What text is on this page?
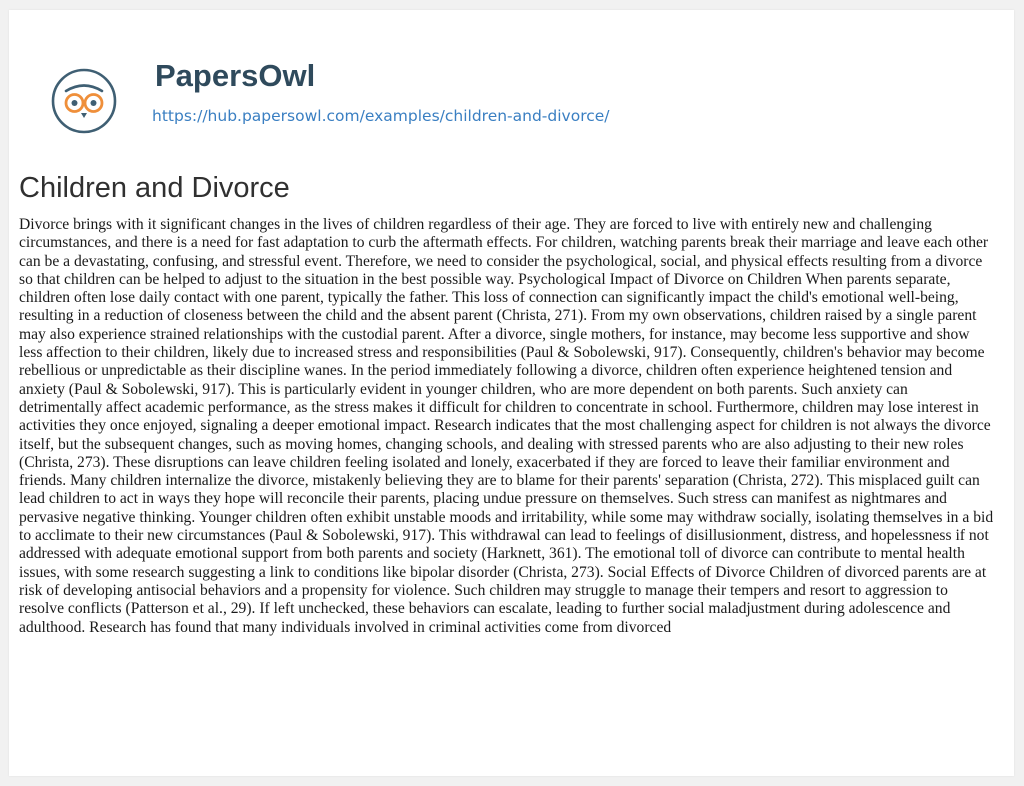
PapersOwl
https://hub.papersowl.com/examples/children-and-divorce/
Children and Divorce

Divorce brings with it significant changes in the lives of children regardless of their age. They are forced to live with entirely new and challenging circumstances, and there is a need for fast adaptation to curb the aftermath effects. For children, watching parents break their marriage and leave each other can be a devastating, confusing, and stressful event. Therefore, we need to consider the psychological, social, and physical effects resulting from a divorce so that children can be helped to adjust to the situation in the best possible way. Psychological Impact of Divorce on Children When parents separate, children often lose daily contact with one parent, typically the father. This loss of connection can significantly impact the child's emotional well-being, resulting in a reduction of closeness between the child and the absent parent (Christa, 271). From my own observations, children raised by a single parent may also experience strained relationships with the custodial parent. After a divorce, single mothers, for instance, may become less supportive and show less affection to their children, likely due to increased stress and responsibilities (Paul & Sobolewski, 917). Consequently, children's behavior may become rebellious or unpredictable as their discipline wanes. In the period immediately following a divorce, children often experience heightened tension and anxiety (Paul & Sobolewski, 917). This is particularly evident in younger children, who are more dependent on both parents. Such anxiety can detrimentally affect academic performance, as the stress makes it difficult for children to concentrate in school. Furthermore, children may lose interest in activities they once enjoyed, signaling a deeper emotional impact. Research indicates that the most challenging aspect for children is not always the divorce itself, but the subsequent changes, such as moving homes, changing schools, and dealing with stressed parents who are also adjusting to their new roles (Christa, 273). These disruptions can leave children feeling isolated and lonely, exacerbated if they are forced to leave their familiar environment and friends. Many children internalize the divorce, mistakenly believing they are to blame for their parents' separation (Christa, 272). This misplaced guilt can lead children to act in ways they hope will reconcile their parents, placing undue pressure on themselves. Such stress can manifest as nightmares and pervasive negative thinking. Younger children often exhibit unstable moods and irritability, while some may withdraw socially, isolating themselves in a bid to acclimate to their new circumstances (Paul & Sobolewski, 917). This withdrawal can lead to feelings of disillusionment, distress, and hopelessness if not addressed with adequate emotional support from both parents and society (Harknett, 361). The emotional toll of divorce can contribute to mental health issues, with some research suggesting a link to conditions like bipolar disorder (Christa, 273). Social Effects of Divorce Children of divorced parents are at risk of developing antisocial behaviors and a propensity for violence. Such children may struggle to manage their tempers and resort to aggression to resolve conflicts (Patterson et al., 29). If left unchecked, these behaviors can escalate, leading to further social maladjustment during adolescence and adulthood. Research has found that many individuals involved in criminal activities come from divorced
